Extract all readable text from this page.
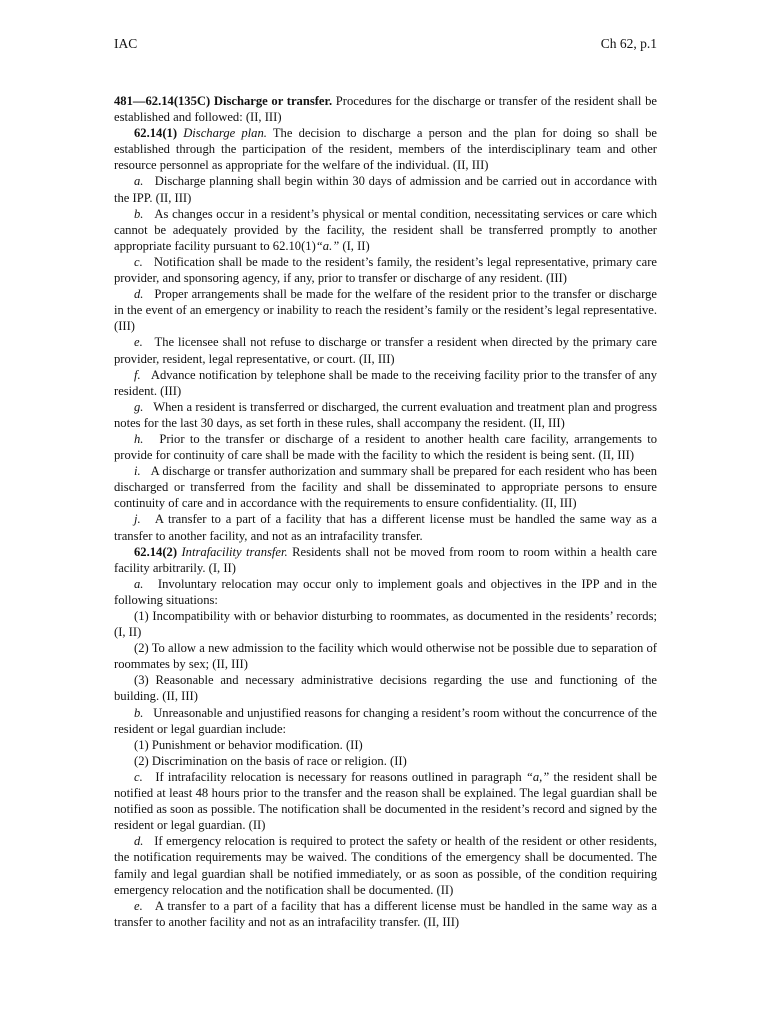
IAC	Ch 62, p.1

481—62.14(135C) Discharge or transfer. Procedures for the discharge or transfer of the resident shall be established and followed: (II, III)

62.14(1) Discharge plan. The decision to discharge a person and the plan for doing so shall be established through the participation of the resident, members of the interdisciplinary team and other resource personnel as appropriate for the welfare of the individual. (II, III)

a. Discharge planning shall begin within 30 days of admission and be carried out in accordance with the IPP. (II, III)

b. As changes occur in a resident’s physical or mental condition, necessitating services or care which cannot be adequately provided by the facility, the resident shall be transferred promptly to another appropriate facility pursuant to 62.10(1)“a.” (I, II)

c. Notification shall be made to the resident’s family, the resident’s legal representative, primary care provider, and sponsoring agency, if any, prior to transfer or discharge of any resident. (III)

d. Proper arrangements shall be made for the welfare of the resident prior to the transfer or discharge in the event of an emergency or inability to reach the resident’s family or the resident’s legal representative. (III)

e. The licensee shall not refuse to discharge or transfer a resident when directed by the primary care provider, resident, legal representative, or court. (II, III)

f. Advance notification by telephone shall be made to the receiving facility prior to the transfer of any resident. (III)

g. When a resident is transferred or discharged, the current evaluation and treatment plan and progress notes for the last 30 days, as set forth in these rules, shall accompany the resident. (II, III)

h. Prior to the transfer or discharge of a resident to another health care facility, arrangements to provide for continuity of care shall be made with the facility to which the resident is being sent. (II, III)

i. A discharge or transfer authorization and summary shall be prepared for each resident who has been discharged or transferred from the facility and shall be disseminated to appropriate persons to ensure continuity of care and in accordance with the requirements to ensure confidentiality. (II, III)

j. A transfer to a part of a facility that has a different license must be handled the same way as a transfer to another facility, and not as an intrafacility transfer.

62.14(2) Intrafacility transfer. Residents shall not be moved from room to room within a health care facility arbitrarily. (I, II)

a. Involuntary relocation may occur only to implement goals and objectives in the IPP and in the following situations:

(1) Incompatibility with or behavior disturbing to roommates, as documented in the residents’ records; (I, II)

(2) To allow a new admission to the facility which would otherwise not be possible due to separation of roommates by sex; (II, III)

(3) Reasonable and necessary administrative decisions regarding the use and functioning of the building. (II, III)

b. Unreasonable and unjustified reasons for changing a resident’s room without the concurrence of the resident or legal guardian include:

(1) Punishment or behavior modification. (II)

(2) Discrimination on the basis of race or religion. (II)

c. If intrafacility relocation is necessary for reasons outlined in paragraph “a,” the resident shall be notified at least 48 hours prior to the transfer and the reason shall be explained. The legal guardian shall be notified as soon as possible. The notification shall be documented in the resident’s record and signed by the resident or legal guardian. (II)

d. If emergency relocation is required to protect the safety or health of the resident or other residents, the notification requirements may be waived. The conditions of the emergency shall be documented. The family and legal guardian shall be notified immediately, or as soon as possible, of the condition requiring emergency relocation and the notification shall be documented. (II)

e. A transfer to a part of a facility that has a different license must be handled in the same way as a transfer to another facility and not as an intrafacility transfer. (II, III)
